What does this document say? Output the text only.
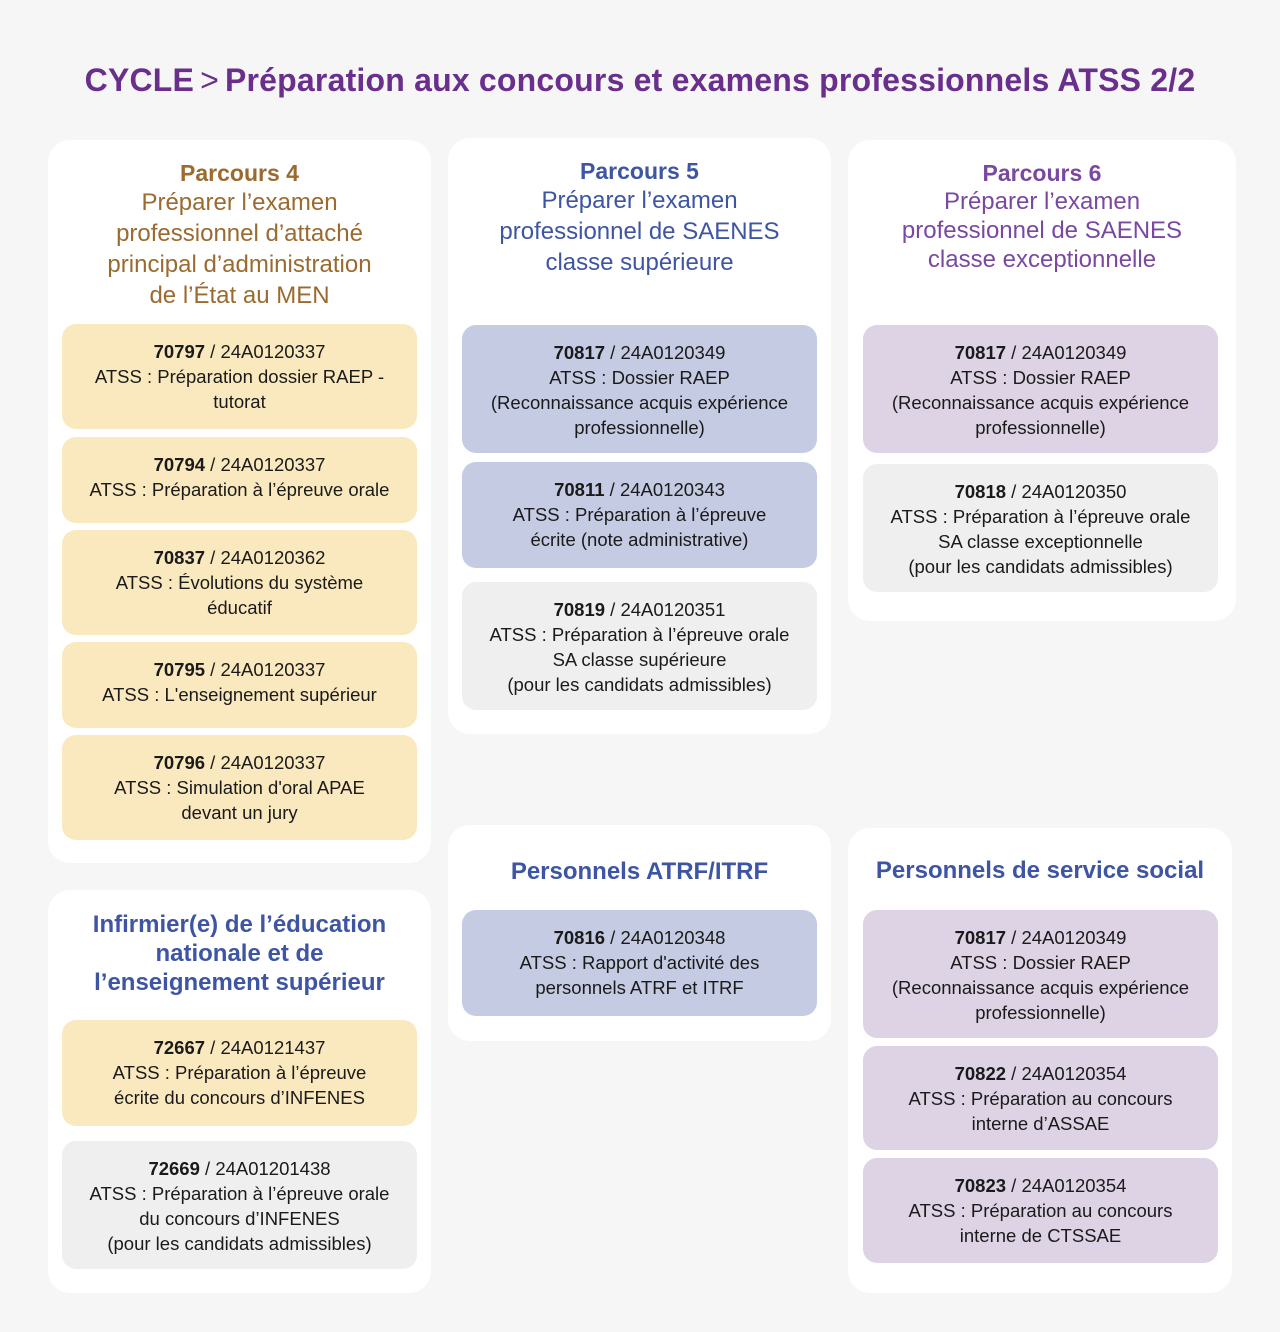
CYCLE > Préparation aux concours et examens professionnels ATSS 2/2
Parcours 4
Préparer l’examen
professionnel d’attaché
principal d’administration
de l’État au MEN
70797 / 24A0120337
ATSS : Préparation dossier RAEP -
tutorat
70794 / 24A0120337
ATSS : Préparation à l’épreuve orale
70837 / 24A0120362
ATSS : Évolutions du système
éducatif
70795 / 24A0120337
ATSS : L'enseignement supérieur
70796 / 24A0120337
ATSS : Simulation d'oral APAE
devant un jury
Parcours 5
Préparer l’examen
professionnel de SAENES
classe supérieure
70817 / 24A0120349
ATSS : Dossier RAEP
(Reconnaissance acquis expérience
professionnelle)
70811 / 24A0120343
ATSS : Préparation à l’épreuve
écrite (note administrative)
70819 / 24A0120351
ATSS : Préparation à l’épreuve orale
SA classe supérieure
(pour les candidats admissibles)
Parcours 6
Préparer l’examen
professionnel de SAENES
classe exceptionnelle
70817 / 24A0120349
ATSS : Dossier RAEP
(Reconnaissance acquis expérience
professionnelle)
70818 / 24A0120350
ATSS : Préparation à l’épreuve orale
SA classe exceptionnelle
(pour les candidats admissibles)
Infirmier(e) de l’éducation
nationale et de
l’enseignement supérieur
72667 / 24A0121437
ATSS : Préparation à l’épreuve
écrite du concours d’INFENES
72669 / 24A01201438
ATSS : Préparation à l’épreuve orale
du concours d’INFENES
(pour les candidats admissibles)
Personnels ATRF/ITRF
70816 / 24A0120348
ATSS : Rapport d'activité des
personnels ATRF et ITRF
Personnels de service social
70817 / 24A0120349
ATSS : Dossier RAEP
(Reconnaissance acquis expérience
professionnelle)
70822 / 24A0120354
ATSS : Préparation au concours
interne d’ASSAE
70823 / 24A0120354
ATSS : Préparation au concours
interne de CTSSAE
